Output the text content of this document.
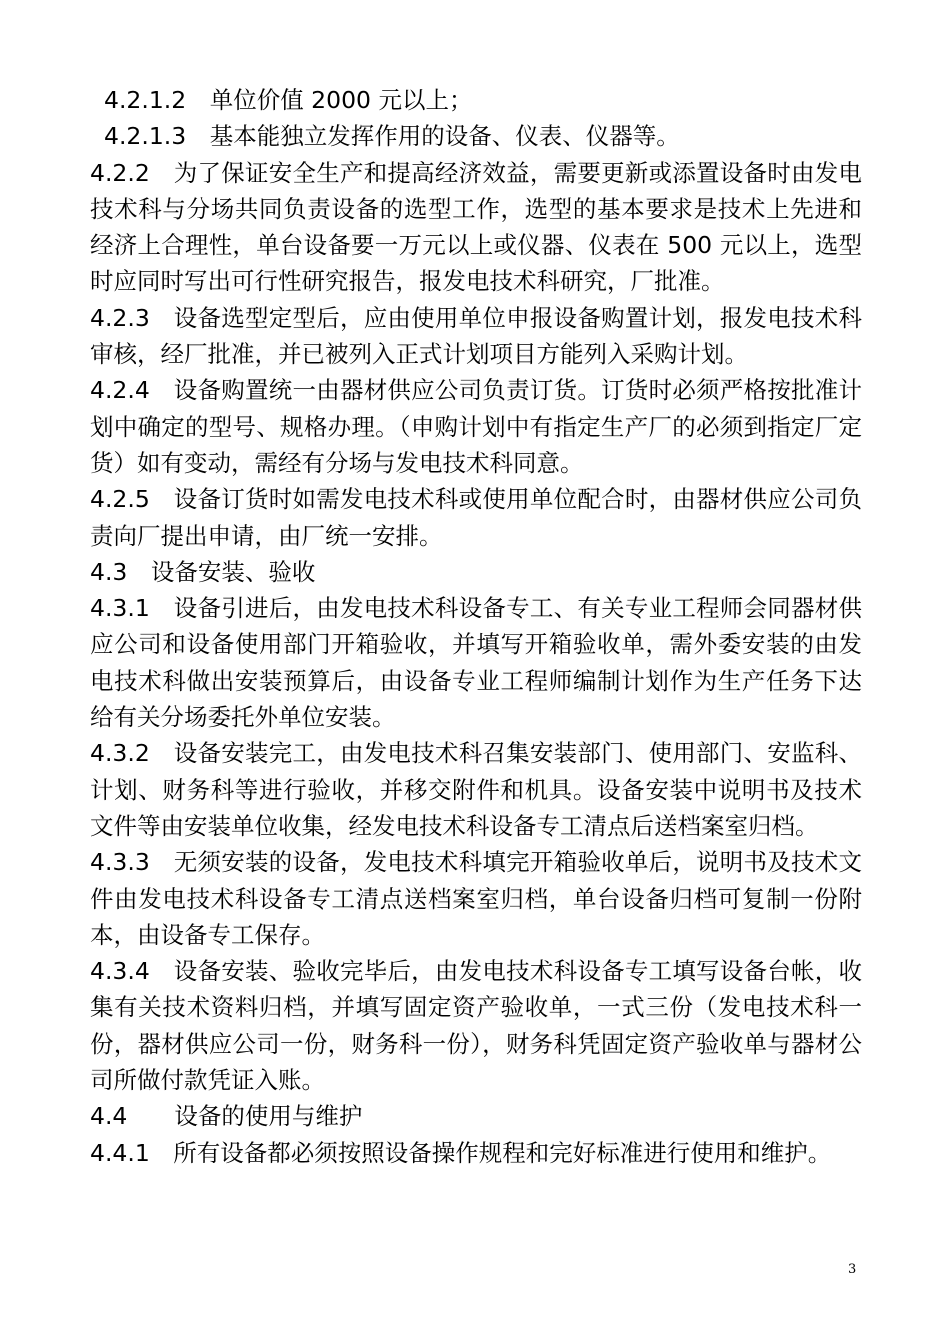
4.2.1.2　单位价值 2000 元以上；

4.2.1.3　基本能独立发挥作用的设备、仪表、仪器等。

4.2.2　为了保证安全生产和提高经济效益，需要更新或添置设备时由发电技术科与分场共同负责设备的选型工作，选型的基本要求是技术上先进和经济上合理性，单台设备要一万元以上或仪器、仪表在 500 元以上，选型时应同时写出可行性研究报告，报发电技术科研究，厂批准。

4.2.3　设备选型定型后，应由使用单位申报设备购置计划，报发电技术科审核，经厂批准，并已被列入正式计划项目方能列入采购计划。

4.2.4　设备购置统一由器材供应公司负责订货。订货时必须严格按批准计划中确定的型号、规格办理。（申购计划中有指定生产厂的必须到指定厂定货）如有变动，需经有分场与发电技术科同意。

4.2.5　设备订货时如需发电技术科或使用单位配合时，由器材供应公司负责向厂提出申请，由厂统一安排。

4.3　设备安装、验收

4.3.1　设备引进后，由发电技术科设备专工、有关专业工程师会同器材供应公司和设备使用部门开箱验收，并填写开箱验收单，需外委安装的由发电技术科做出安装预算后，由设备专业工程师编制计划作为生产任务下达给有关分场委托外单位安装。

4.3.2　设备安装完工，由发电技术科召集安装部门、使用部门、安监科、计划、财务科等进行验收，并移交附件和机具。设备安装中说明书及技术文件等由安装单位收集，经发电技术科设备专工清点后送档案室归档。

4.3.3　无须安装的设备，发电技术科填完开箱验收单后，说明书及技术文件由发电技术科设备专工清点送档案室归档，单台设备归档可复制一份附本，由设备专工保存。

4.3.4　设备安装、验收完毕后，由发电技术科设备专工填写设备台帐，收集有关技术资料归档，并填写固定资产验收单，一式三份（发电技术科一份，器材供应公司一份，财务科一份），财务科凭固定资产验收单与器材公司所做付款凭证入账。

4.4　　设备的使用与维护

4.4.1　所有设备都必须按照设备操作规程和完好标准进行使用和维护。

3
